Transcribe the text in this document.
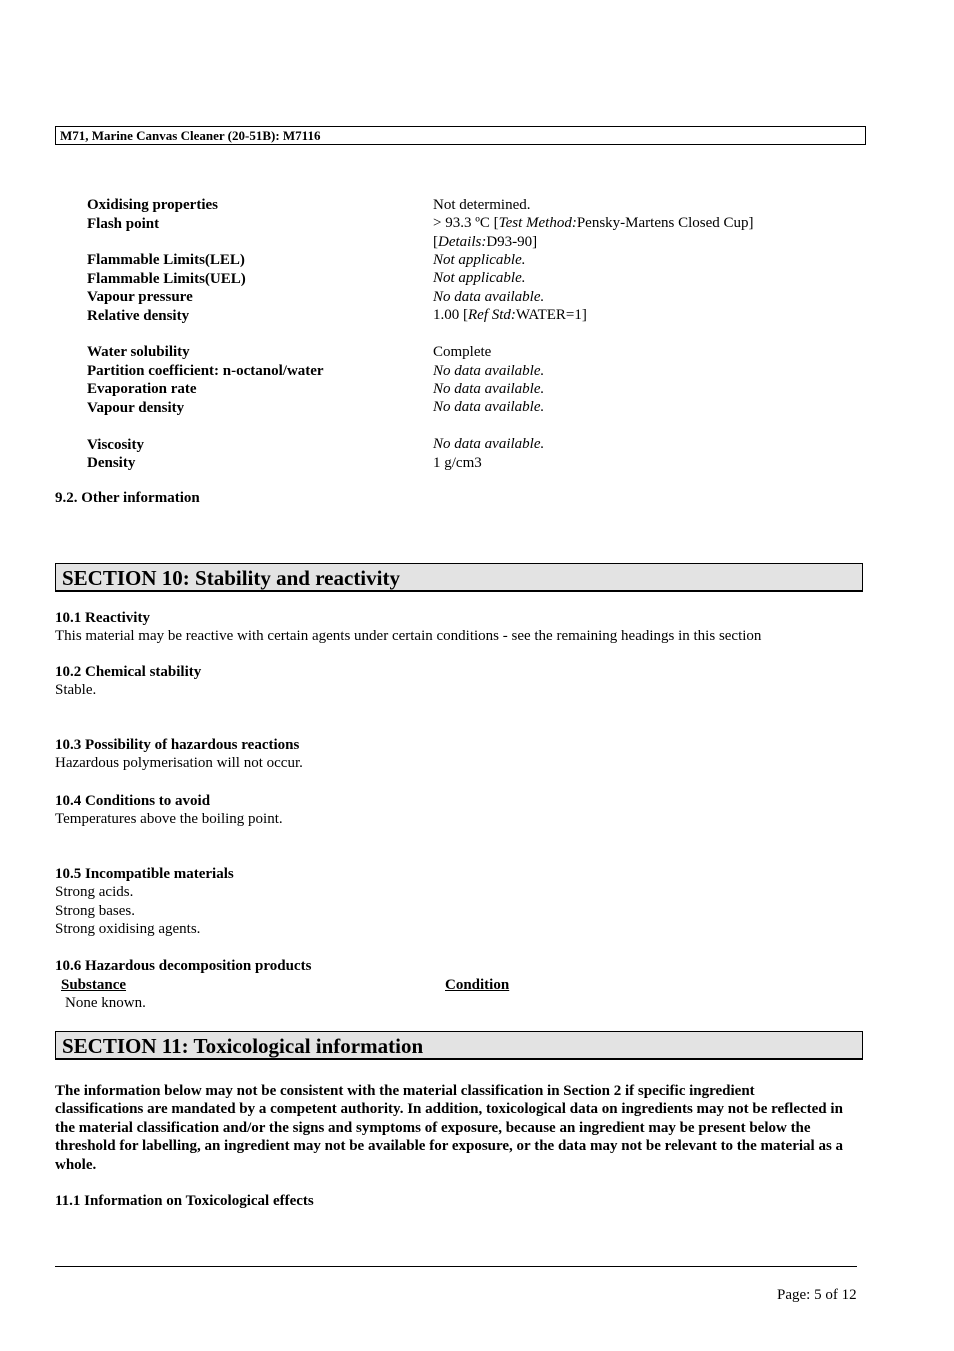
M71, Marine Canvas Cleaner (20-51B): M7116
Oxidising properties	Not determined.
Flash point	> 93.3 ºC [Test Method:Pensky-Martens Closed Cup]
[Details:D93-90]
Flammable Limits(LEL)	Not applicable.
Flammable Limits(UEL)	Not applicable.
Vapour pressure	No data available.
Relative density	1.00 [Ref Std:WATER=1]
Water solubility	Complete
Partition coefficient: n-octanol/water	No data available.
Evaporation rate	No data available.
Vapour density	No data available.
Viscosity	No data available.
Density	1 g/cm3
9.2. Other information
SECTION 10: Stability and reactivity
10.1 Reactivity
This material may be reactive with certain agents under certain conditions - see the remaining headings in this section
10.2 Chemical stability
Stable.
10.3 Possibility of hazardous reactions
Hazardous polymerisation will not occur.
10.4 Conditions to avoid
Temperatures above the boiling point.
10.5 Incompatible materials
Strong acids.
Strong bases.
Strong oxidising agents.
10.6 Hazardous decomposition products
Substance	Condition
None known.
SECTION 11: Toxicological information
The information below may not be consistent with the material classification in Section 2 if specific ingredient classifications are mandated by a competent authority. In addition, toxicological data on ingredients may not be reflected in the material classification and/or the signs and symptoms of exposure, because an ingredient may be present below the threshold for labelling, an ingredient may not be available for exposure, or the data may not be relevant to the material as a whole.
11.1 Information on Toxicological effects
Page: 5 of 12
